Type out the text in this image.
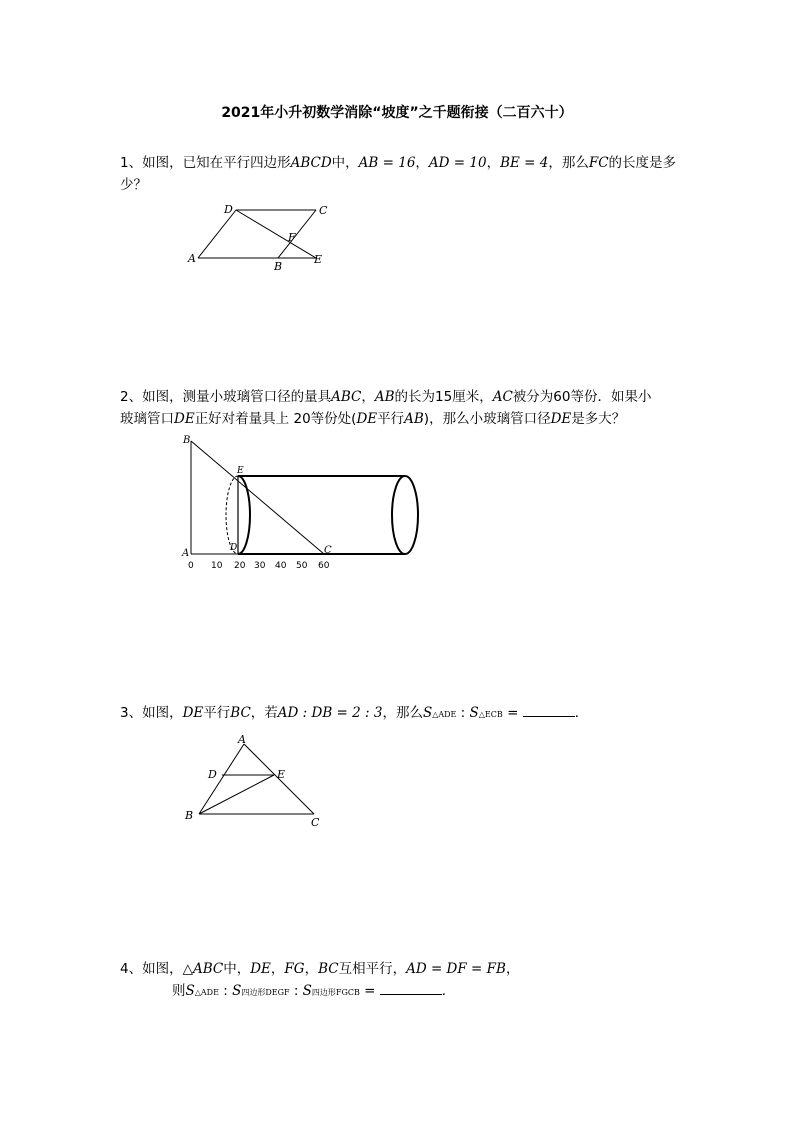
2021年小升初数学消除“坡度”之千题衔接（二百六十）
1、如图，已知在平行四边形ABCD中，AB = 16，AD = 10，BE = 4，那么FC的长度是多
少？
A
B
C
D
E
F
2、如图，测量小玻璃管口径的量具ABC，AB的长为15厘米，AC被分为60等份．如果小
玻璃管口DE正好对着量具上 20等份处(DE平行AB)，那么小玻璃管口径DE是多大？
B
A
E
D	C
0 10 20 30 40 50 60
3、如图，DE平行BC，若AD : DB = 2 : 3，那么S△ADE : S△ECB =	．
A
D	E
B
C
4、如图，△ABC中，DE，FG，BC互相平行，AD = DF = FB，
则S△ADE : S四边形DEGF : S四边形FGCB =	．
